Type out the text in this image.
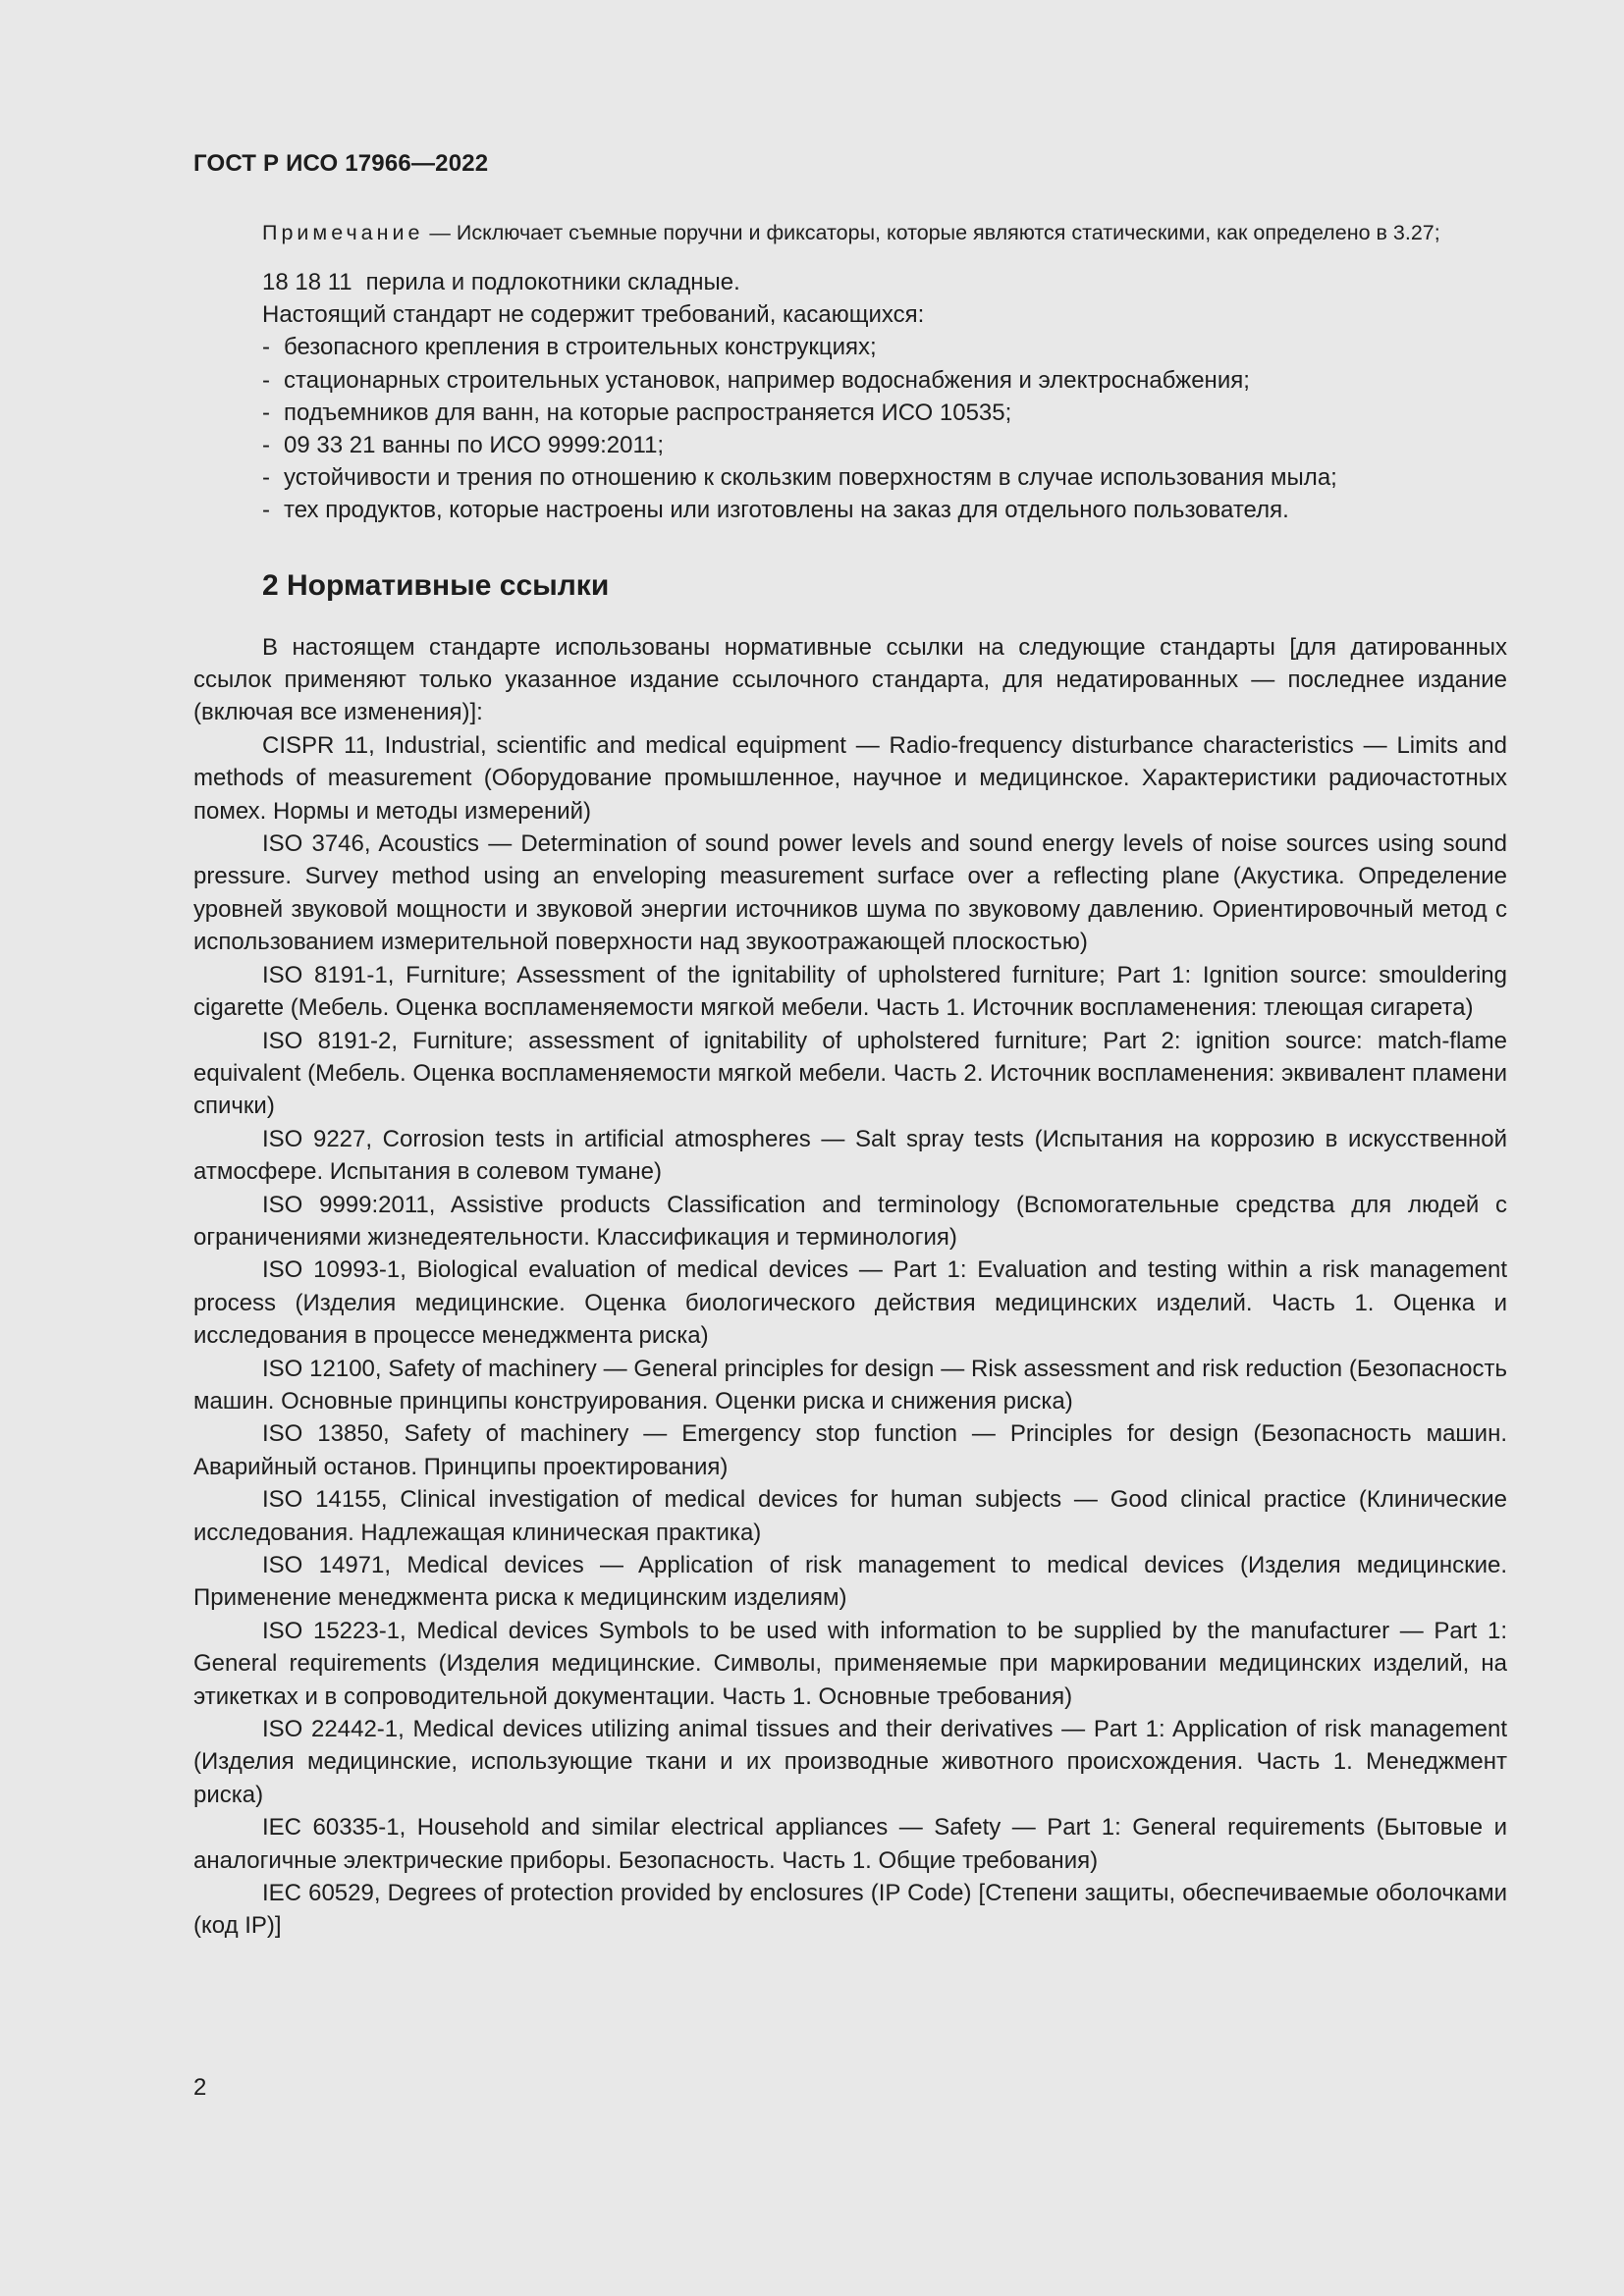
ГОСТ Р ИСО 17966—2022

Примечание — Исключает съемные поручни и фиксаторы, которые являются статическими, как определено в 3.27;

18 18 11 перила и подлокотники складные.
Настоящий стандарт не содержит требований, касающихся:
- безопасного крепления в строительных конструкциях;
- стационарных строительных установок, например водоснабжения и электроснабжения;
- подъемников для ванн, на которые распространяется ИСО 10535;
- 09 33 21 ванны по ИСО 9999:2011;
- устойчивости и трения по отношению к скользким поверхностям в случае использования мыла;
- тех продуктов, которые настроены или изготовлены на заказ для отдельного пользователя.
2 Нормативные ссылки

В настоящем стандарте использованы нормативные ссылки на следующие стандарты [для датированных ссылок применяют только указанное издание ссылочного стандарта, для недатированных — последнее издание (включая все изменения)]:

CISPR 11, Industrial, scientific and medical equipment — Radio-frequency disturbance characteristics — Limits and methods of measurement (Оборудование промышленное, научное и медицинское. Характеристики радиочастотных помех. Нормы и методы измерений)

ISO 3746, Acoustics — Determination of sound power levels and sound energy levels of noise sources using sound pressure. Survey method using an enveloping measurement surface over a reflecting plane (Акустика. Определение уровней звуковой мощности и звуковой энергии источников шума по звуковому давлению. Ориентировочный метод с использованием измерительной поверхности над звукоотражающей плоскостью)

ISO 8191-1, Furniture; Assessment of the ignitability of upholstered furniture; Part 1: Ignition source: smouldering cigarette (Мебель. Оценка воспламеняемости мягкой мебели. Часть 1. Источник воспламенения: тлеющая сигарета)

ISO 8191-2, Furniture; assessment of ignitability of upholstered furniture; Part 2: ignition source: match-flame equivalent (Мебель. Оценка воспламеняемости мягкой мебели. Часть 2. Источник воспламенения: эквивалент пламени спички)

ISO 9227, Corrosion tests in artificial atmospheres — Salt spray tests (Испытания на коррозию в искусственной атмосфере. Испытания в солевом тумане)

ISO 9999:2011, Assistive products Classification and terminology (Вспомогательные средства для людей с ограничениями жизнедеятельности. Классификация и терминология)

ISO 10993-1, Biological evaluation of medical devices — Part 1: Evaluation and testing within a risk management process (Изделия медицинские. Оценка биологического действия медицинских изделий. Часть 1. Оценка и исследования в процессе менеджмента риска)

ISO 12100, Safety of machinery — General principles for design — Risk assessment and risk reduction (Безопасность машин. Основные принципы конструирования. Оценки риска и снижения риска)

ISO 13850, Safety of machinery — Emergency stop function — Principles for design (Безопасность машин. Аварийный останов. Принципы проектирования)

ISO 14155, Clinical investigation of medical devices for human subjects — Good clinical practice (Клинические исследования. Надлежащая клиническая практика)

ISO 14971, Medical devices — Application of risk management to medical devices (Изделия медицинские. Применение менеджмента риска к медицинским изделиям)

ISO 15223-1, Medical devices Symbols to be used with information to be supplied by the manufacturer — Part 1: General requirements (Изделия медицинские. Символы, применяемые при маркировании медицинских изделий, на этикетках и в сопроводительной документации. Часть 1. Основные требования)

ISO 22442-1, Medical devices utilizing animal tissues and their derivatives — Part 1: Application of risk management (Изделия медицинские, использующие ткани и их производные животного происхождения. Часть 1. Менеджмент риска)

IEC 60335-1, Household and similar electrical appliances — Safety — Part 1: General requirements (Бытовые и аналогичные электрические приборы. Безопасность. Часть 1. Общие требования)

IEC 60529, Degrees of protection provided by enclosures (IP Code) [Степени защиты, обеспечиваемые оболочками (код IP)]

2
